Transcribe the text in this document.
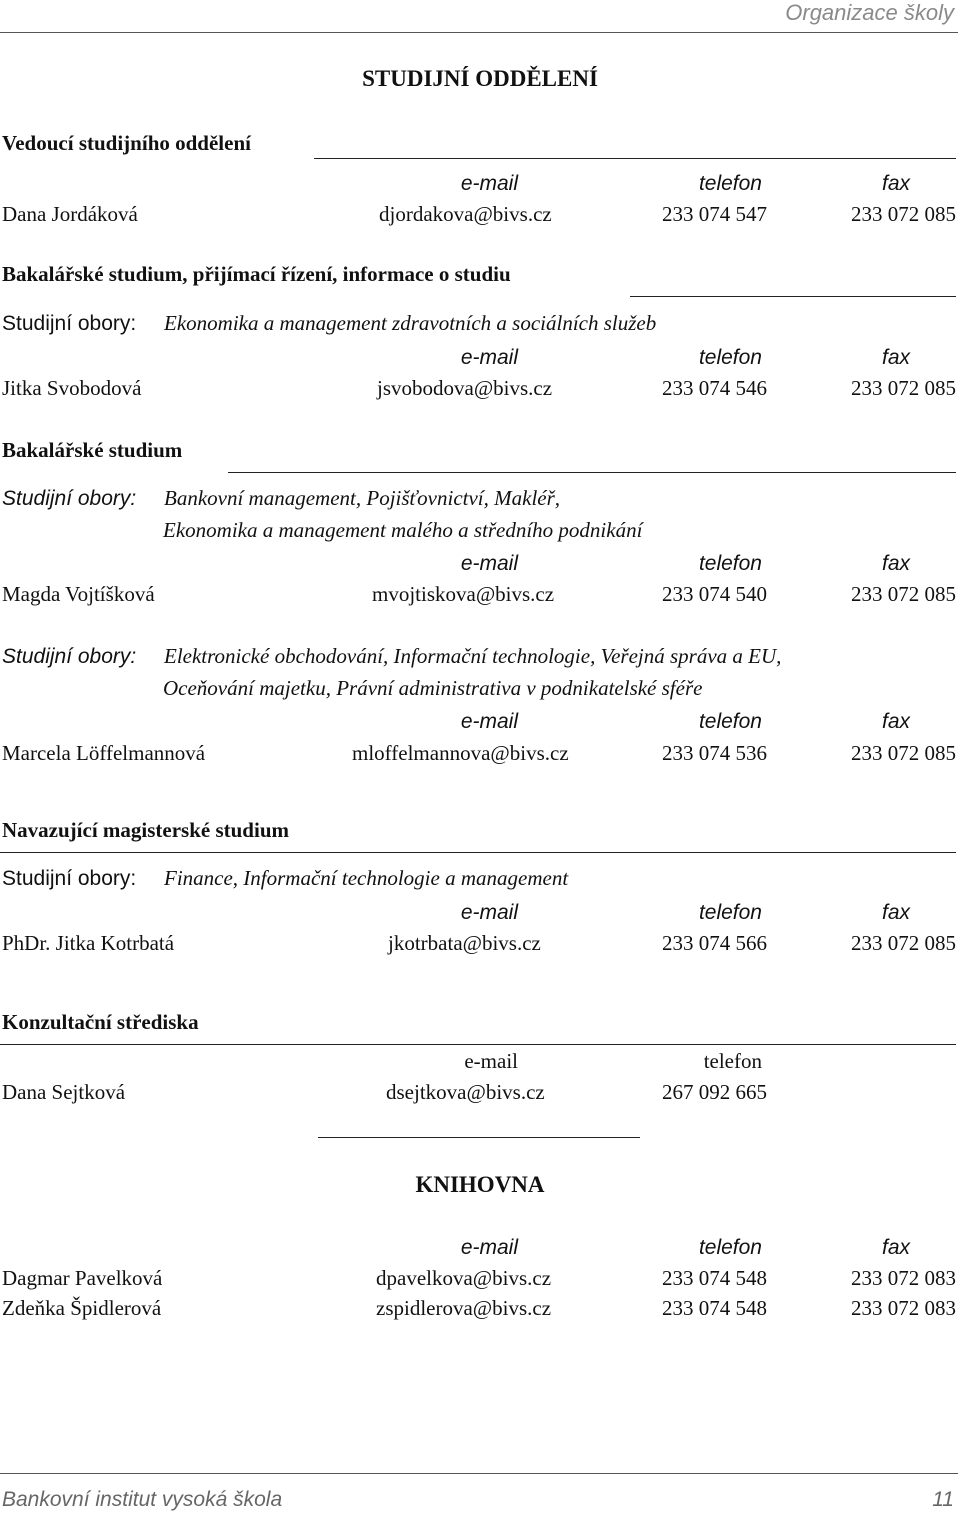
Organizace školy
STUDIJNÍ ODDĚLENÍ
Vedoucí studijního oddělení
e-mail	telefon	fax
Dana Jordáková	djordakova@bivs.cz	233 074 547	233 072 085
Bakalářské studium, přijímací řízení, informace o studiu
Studijní obory: Ekonomika a management zdravotních a sociálních služeb
e-mail	telefon	fax
Jitka Svobodová	jsvobodova@bivs.cz	233 074 546	233 072 085
Bakalářské studium
Studijní obory: Bankovní management, Pojišťovnictví, Makléř,
Ekonomika a management malého a středního podnikání
e-mail	telefon	fax
Magda Vojtíšková	mvojtiskova@bivs.cz	233 074 540	233 072 085
Studijní obory: Elektronické obchodování, Informační technologie, Veřejná správa a EU,
Oceňování majetku, Právní administrativa v podnikatelské sféře
e-mail	telefon	fax
Marcela Löffelmannová	mloffelmannova@bivs.cz	233 074 536	233 072 085
Navazující magisterské studium
Studijní obory: Finance, Informační technologie a management
e-mail	telefon	fax
PhDr. Jitka Kotrbatá	jkotrbata@bivs.cz	233 074 566	233 072 085
Konzultační střediska
e-mail	telefon
Dana Sejtková	dsejtkova@bivs.cz	267 092 665
KNIHOVNA
e-mail	telefon	fax
Dagmar Pavelková	dpavelkova@bivs.cz	233 074 548	233 072 083
Zdeňka Špidlerová	zspidlerova@bivs.cz	233 074 548	233 072 083
Bankovní institut vysoká škola	11
